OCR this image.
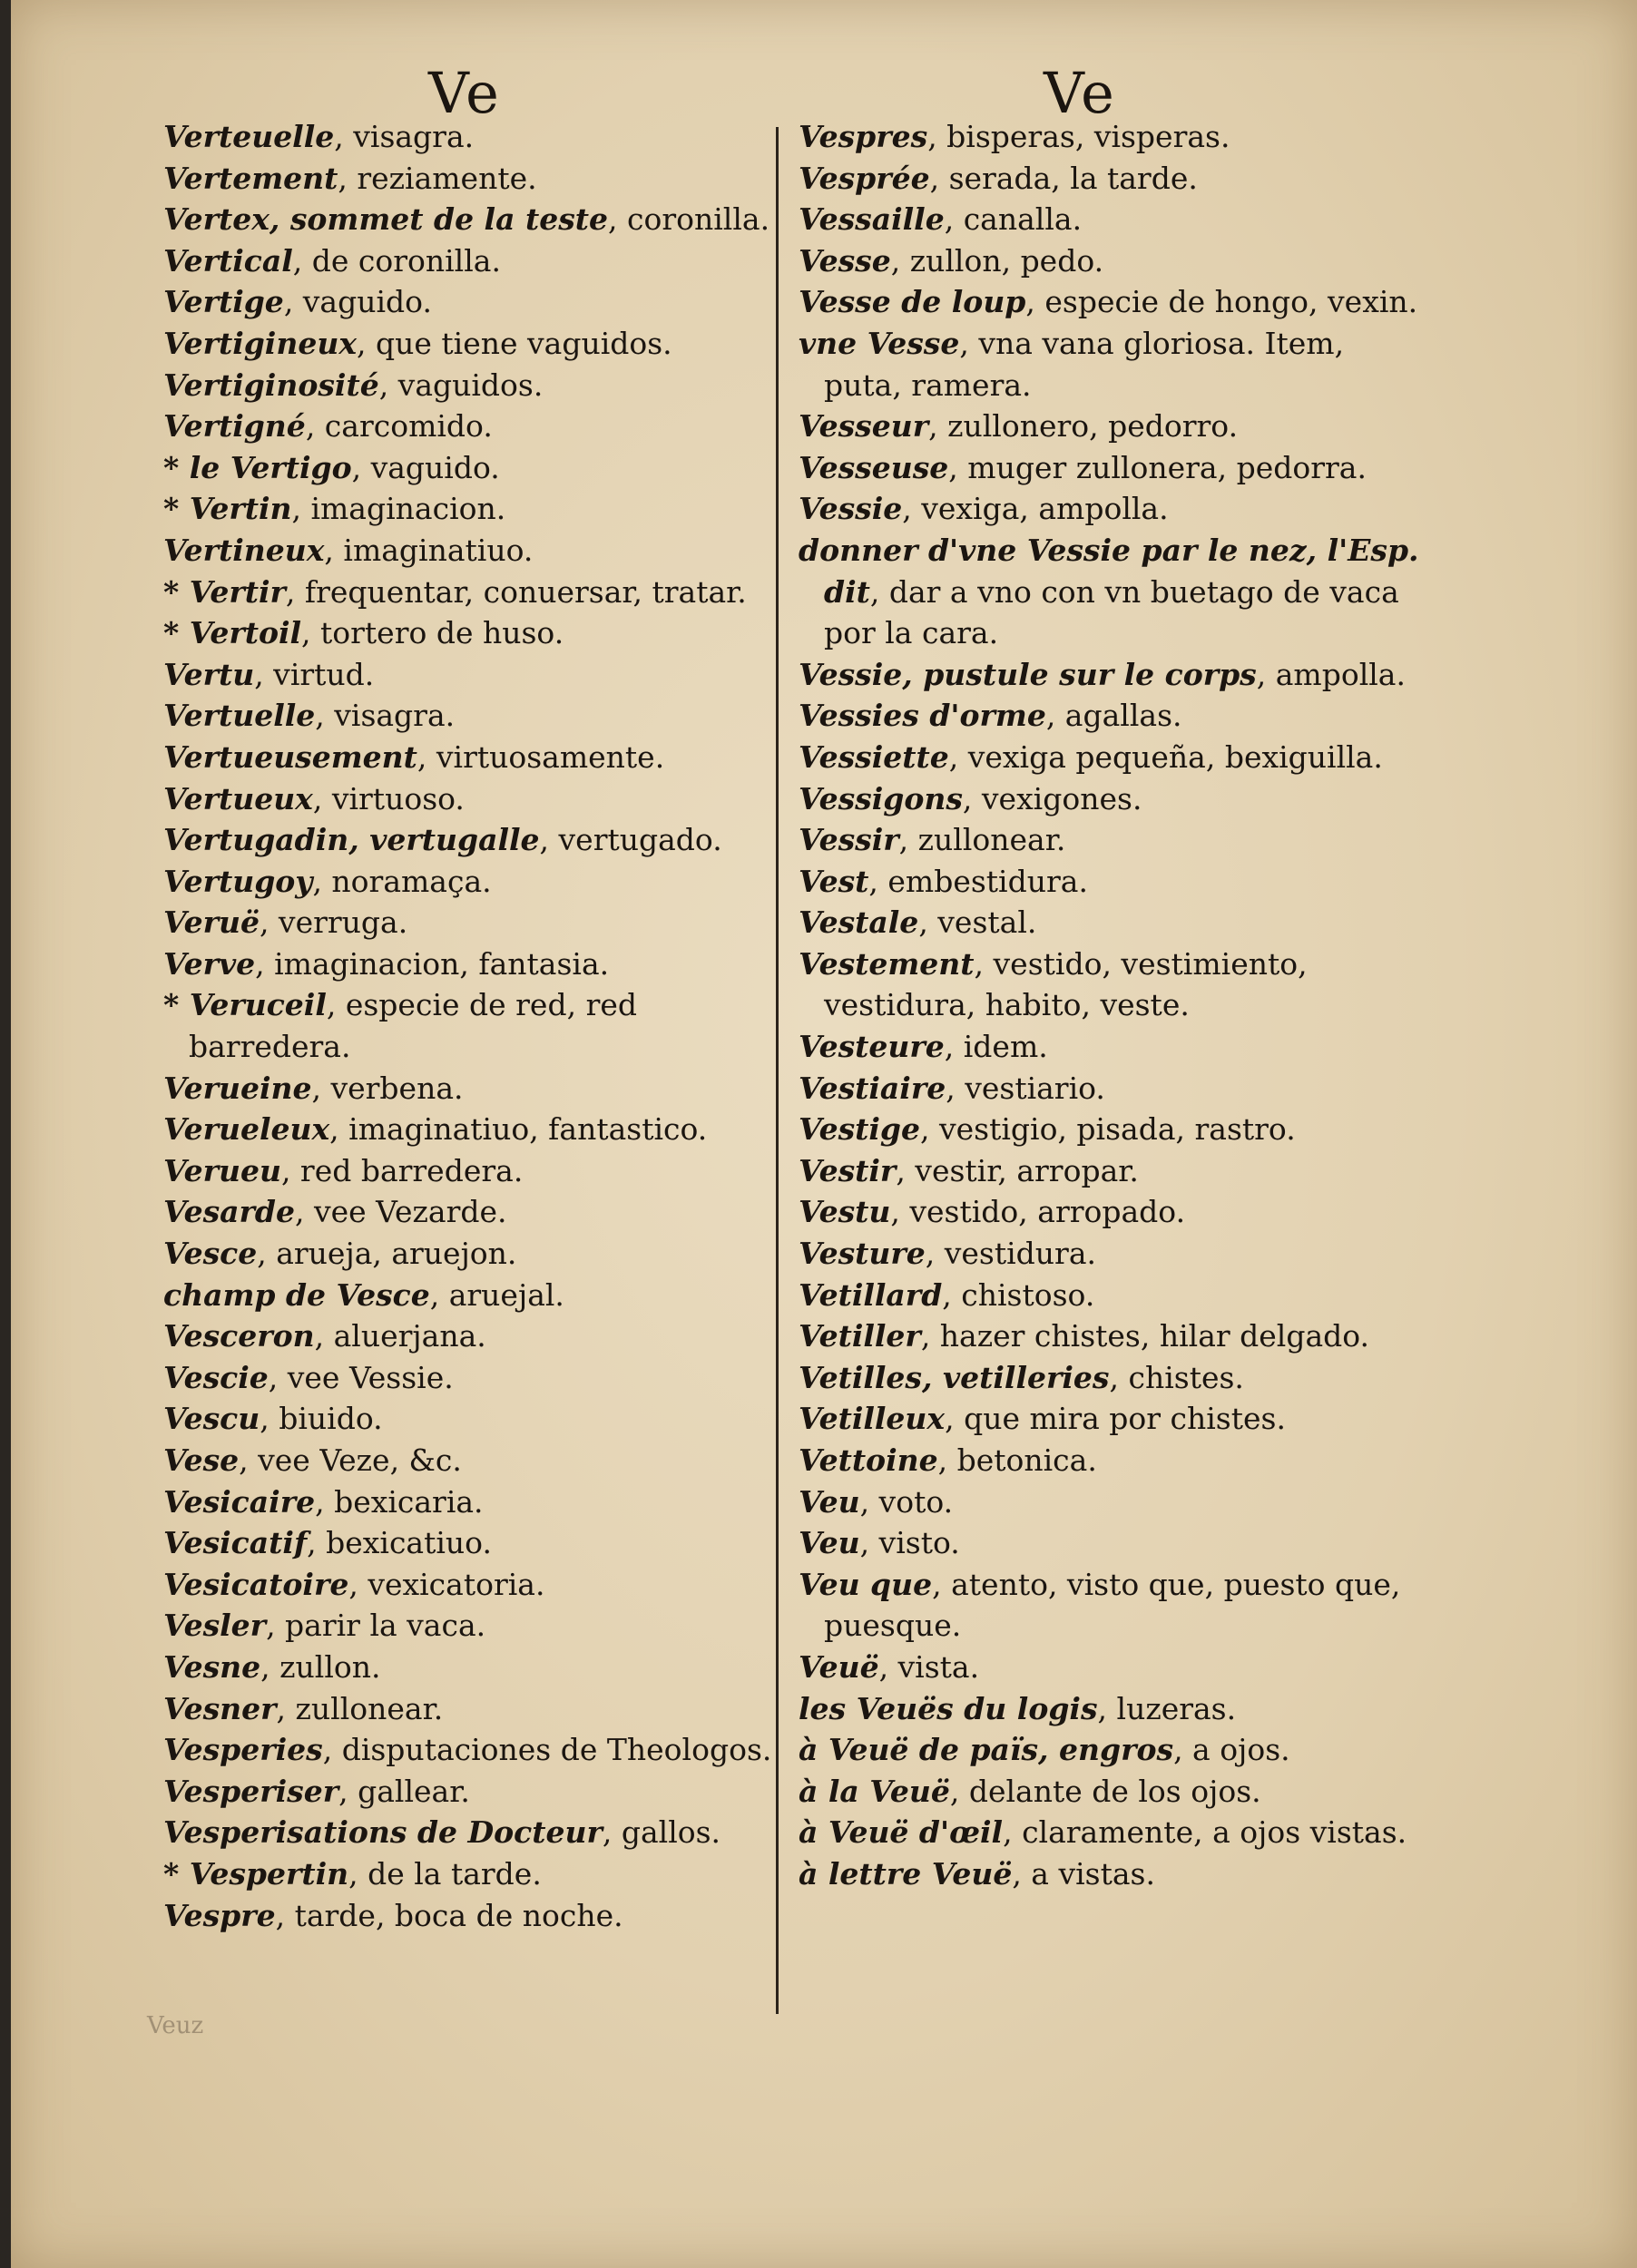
Ve	Ve
Verteuelle, visagra.
Vertement, reziamente.
Vertex, sommet de la teste, coronilla.
Vertical, de coronilla.
Vertige, vaguido.
Vertigineux, que tiene vaguidos.
Vertiginosité, vaguidos.
Vertigné, carcomido.
* le Vertigo, vaguido.
* Vertin, imaginacion.
Vertineux, imaginatiuo.
* Vertir, frequentar, conuersar, tratar.
* Vertoil, tortero de huso.
Vertu, virtud.
Vertuelle, visagra.
Vertueusement, virtuosamente.
Vertueux, virtuoso.
Vertugadin, vertugalle, vertugado.
Vertugoy, noramaça.
Veruë, verruga.
Verve, imaginacion, fantasia.
* Veruceil, especie de red, red barredera.
Verueine, verbena.
Verueleux, imaginatiuo, fantastico.
Verueu, red barredera.
Vesarde, vee Vezarde.
Vesce, arueja, aruejon.
champ de Vesce, aruejal.
Vesceron, aluerjana.
Vescie, vee Vessie.
Vescu, biuido.
Vese, vee Veze, &c.
Vesicaire, bexicaria.
Vesicatif, bexicatiuo.
Vesicatoire, vexicatoria.
Vesler, parir la vaca.
Vesne, zullon.
Vesner, zullonear.
Vesperies, disputaciones de Theologos.
Vesperiser, gallear.
Vesperisations de Docteur, gallos.
* Vespertin, de la tarde.
Vespre, tarde, boca de noche.
Vespres, bisperas, visperas.
Vesprée, serada, la tarde.
Vessaille, canalla.
Vesse, zullon, pedo.
Vesse de loup, especie de hongo, vexin.
vne Vesse, vna vana gloriosa. Item, puta, ramera.
Vesseur, zullonero, pedorro.
Vesseuse, muger zullonera, pedorra.
Vessie, vexiga, ampolla.
donner d'vne Vessie par le nez, l'Esp. dit, dar a vno con vn buetago de vaca por la cara.
Vessie, pustule sur le corps, ampolla.
Vessies d'orme, agallas.
Vessiette, vexiga pequeña, bexiguilla.
Vessigons, vexigones.
Vessir, zullonear.
Vest, embestidura.
Vestale, vestal.
Vestement, vestido, vestimiento, vestidura, habito, veste.
Vesteure, idem.
Vestiaire, vestiario.
Vestige, vestigio, pisada, rastro.
Vestir, vestir, arropar.
Vestu, vestido, arropado.
Vesture, vestidura.
Vetillard, chistoso.
Vetiller, hazer chistes, hilar delgado.
Vetilles, vetilleries, chistes.
Vetilleux, que mira por chistes.
Vettoine, betonica.
Veu, voto.
Veu, visto.
Veu que, atento, visto que, puesto que, puesque.
Veuë, vista.
les Veuës du logis, luzeras.
à Veuë de païs, engros, a ojos.
à la Veuë, delante de los ojos.
à Veuë d'œil, claramente, a ojos vistas.
à lettre Veuë, a vistas.
Veuz
